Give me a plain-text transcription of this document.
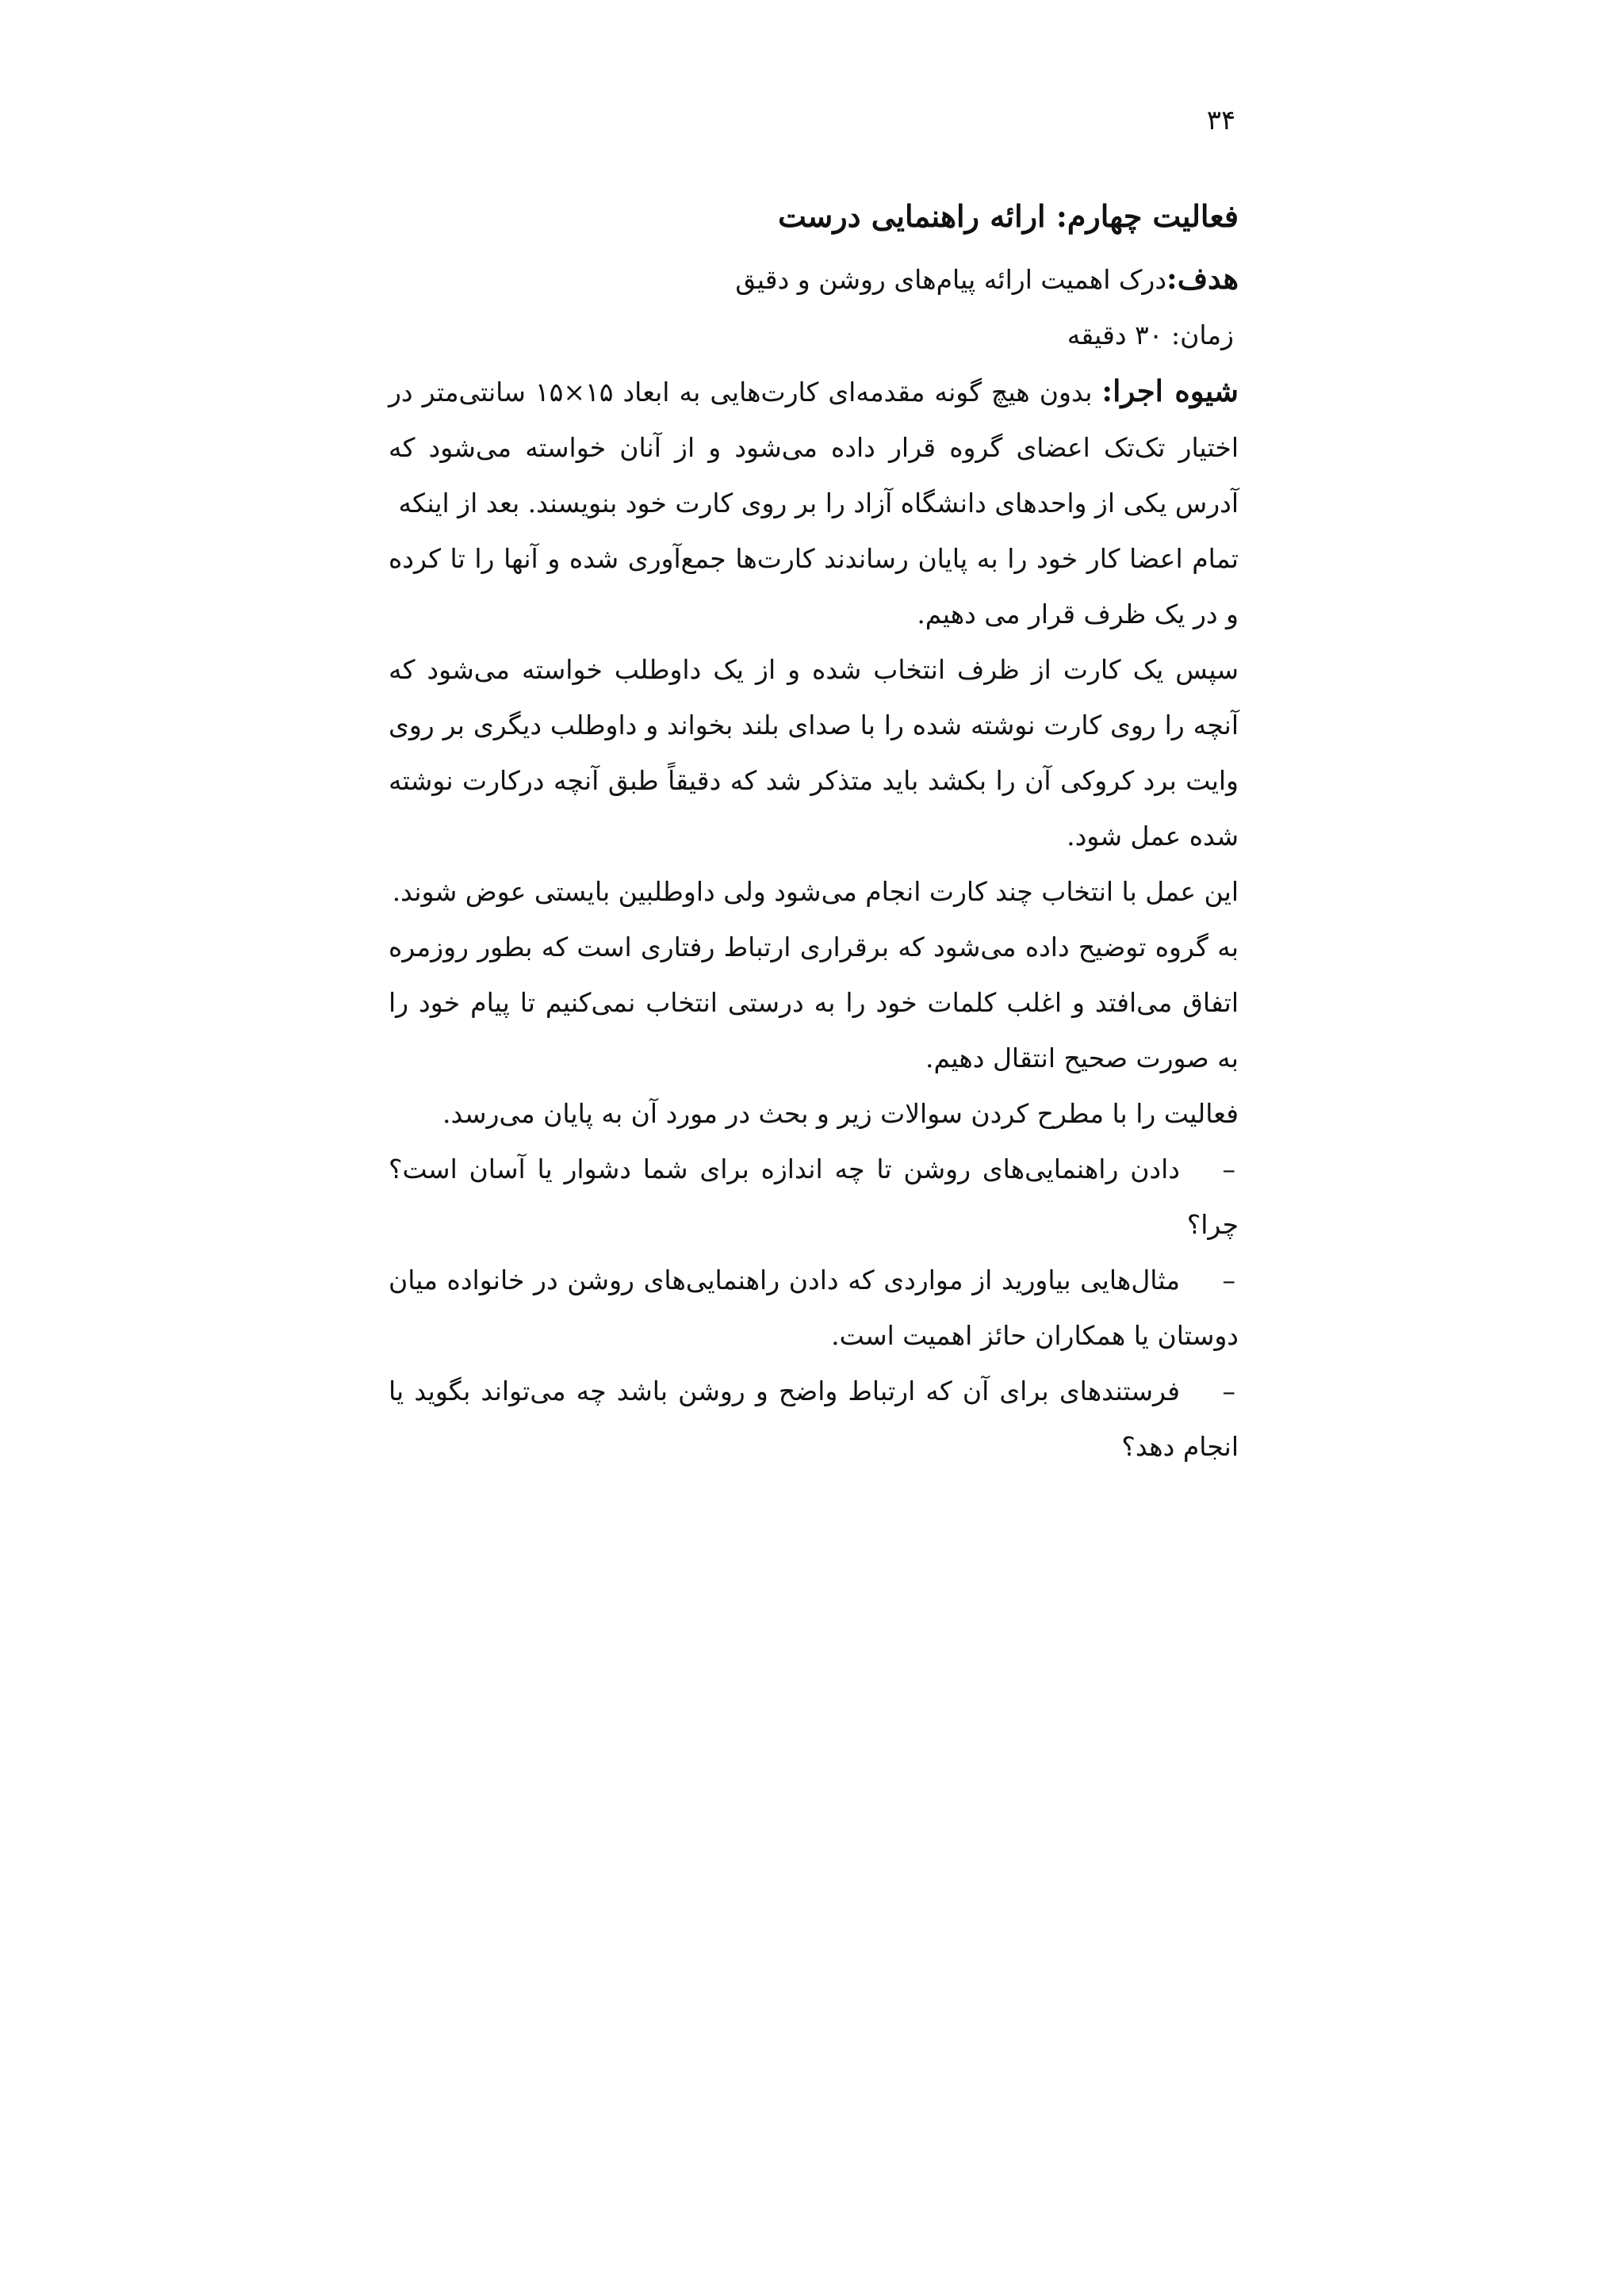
۳۴
فعالیت چهارم: ارائه راهنمایی درست

هدف:درک اهمیت ارائه پیام‌های روشن و دقیق

زمان: ۳۰ دقیقه

شیوه اجرا: بدون هیچ گونه مقدمه‌ای کارت‌هایی به ابعاد ۱۵×۱۵ سانتی‌متر در اختیار تک‌تک اعضای گروه قرار داده می‌شود و از آنان خواسته می‌شود که آدرس یکی از واحدهای دانشگاه آزاد را بر روی کارت خود بنویسند. بعد از اینکه

تمام اعضا کار خود را به پایان رساندند کارت‌ها جمع‌آوری شده و آنها را تا کرده و در یک ظرف قرار می دهیم.

سپس یک کارت از ظرف انتخاب شده و از یک داوطلب خواسته می‌شود که آنچه را روی کارت نوشته شده را با صدای بلند بخواند و داوطلب دیگری بر روی وایت برد کروکی آن را بکشد باید متذکر شد که دقیقاً طبق آنچه درکارت نوشته شده عمل شود.

این عمل با انتخاب چند کارت انجام می‌شود ولی داوطلبین بایستی عوض شوند.

به گروه توضیح داده می‌شود که برقراری ارتباط رفتاری است که بطور روزمره اتفاق می‌افتد و اغلب کلمات خود را به درستی انتخاب نمی‌کنیم تا پیام خود را به صورت صحیح انتقال دهیم.

فعالیت را با مطرح کردن سوالات زیر و بحث در مورد آن به پایان می‌رسد.

–دادن راهنمایی‌های روشن تا چه اندازه برای شما دشوار یا آسان است؟ چرا؟
–مثال‌هایی بیاورید از مواردی که دادن راهنمایی‌های روشن در خانواده میان دوستان یا همکاران حائز اهمیت است.
–فرستندهای برای آن که ارتباط واضح و روشن باشد چه می‌تواند بگوید یا انجام دهد؟
